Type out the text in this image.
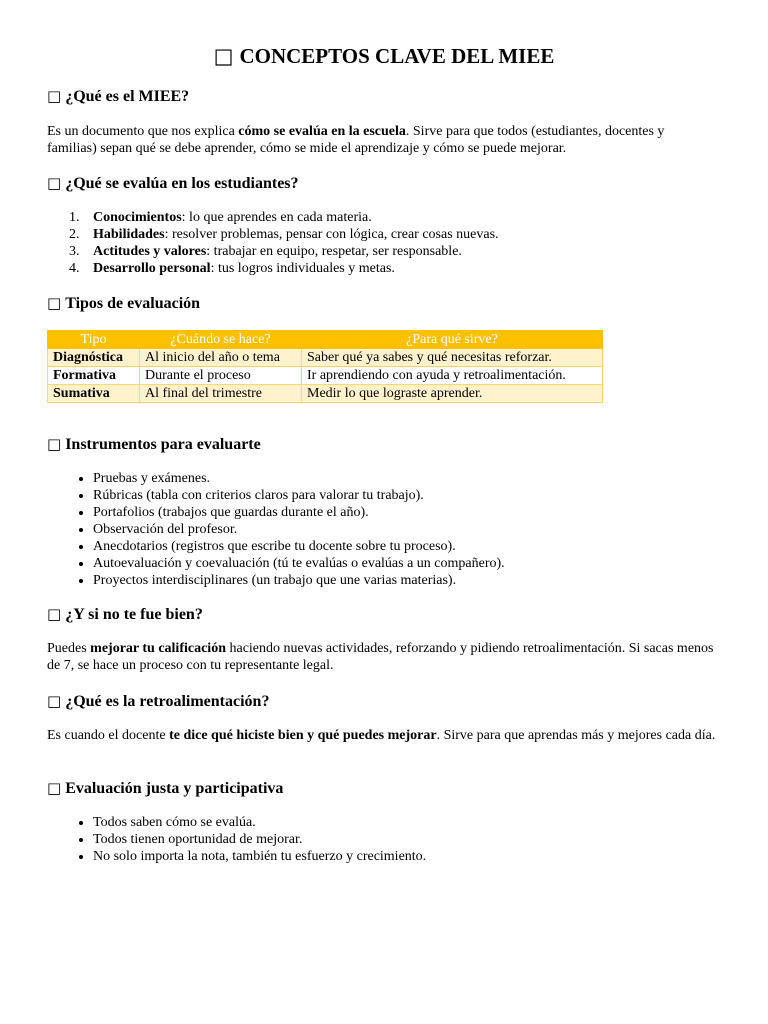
□ CONCEPTOS CLAVE DEL MIEE
□ ¿Qué es el MIEE?

Es un documento que nos explica cómo se evalúa en la escuela. Sirve para que todos (estudiantes, docentes y familias) sepan qué se debe aprender, cómo se mide el aprendizaje y cómo se puede mejorar.

□ ¿Qué se evalúa en los estudiantes?
1. Conocimientos: lo que aprendes en cada materia.
2. Habilidades: resolver problemas, pensar con lógica, crear cosas nuevas.
3. Actitudes y valores: trabajar en equipo, respetar, ser responsable.
4. Desarrollo personal: tus logros individuales y metas.
□ Tipos de evaluación
Tipo	¿Cuándo se hace?	¿Para qué sirve?
Diagnóstica	Al inicio del año o tema	Saber qué ya sabes y qué necesitas reforzar.
Formativa	Durante el proceso	Ir aprendiendo con ayuda y retroalimentación.
Sumativa	Al final del trimestre	Medir lo que lograste aprender.
□ Instrumentos para evaluarte
• Pruebas y exámenes.
• Rúbricas (tabla con criterios claros para valorar tu trabajo).
• Portafolios (trabajos que guardas durante el año).
• Observación del profesor.
• Anecdotarios (registros que escribe tu docente sobre tu proceso).
• Autoevaluación y coevaluación (tú te evalúas o evalúas a un compañero).
• Proyectos interdisciplinares (un trabajo que une varias materias).
□ ¿Y si no te fue bien?

Puedes mejorar tu calificación haciendo nuevas actividades, reforzando y pidiendo retroalimentación. Si sacas menos de 7, se hace un proceso con tu representante legal.

□ ¿Qué es la retroalimentación?

Es cuando el docente te dice qué hiciste bien y qué puedes mejorar. Sirve para que aprendas más y mejores cada día.

□ Evaluación justa y participativa
• Todos saben cómo se evalúa.
• Todos tienen oportunidad de mejorar.
• No solo importa la nota, también tu esfuerzo y crecimiento.
